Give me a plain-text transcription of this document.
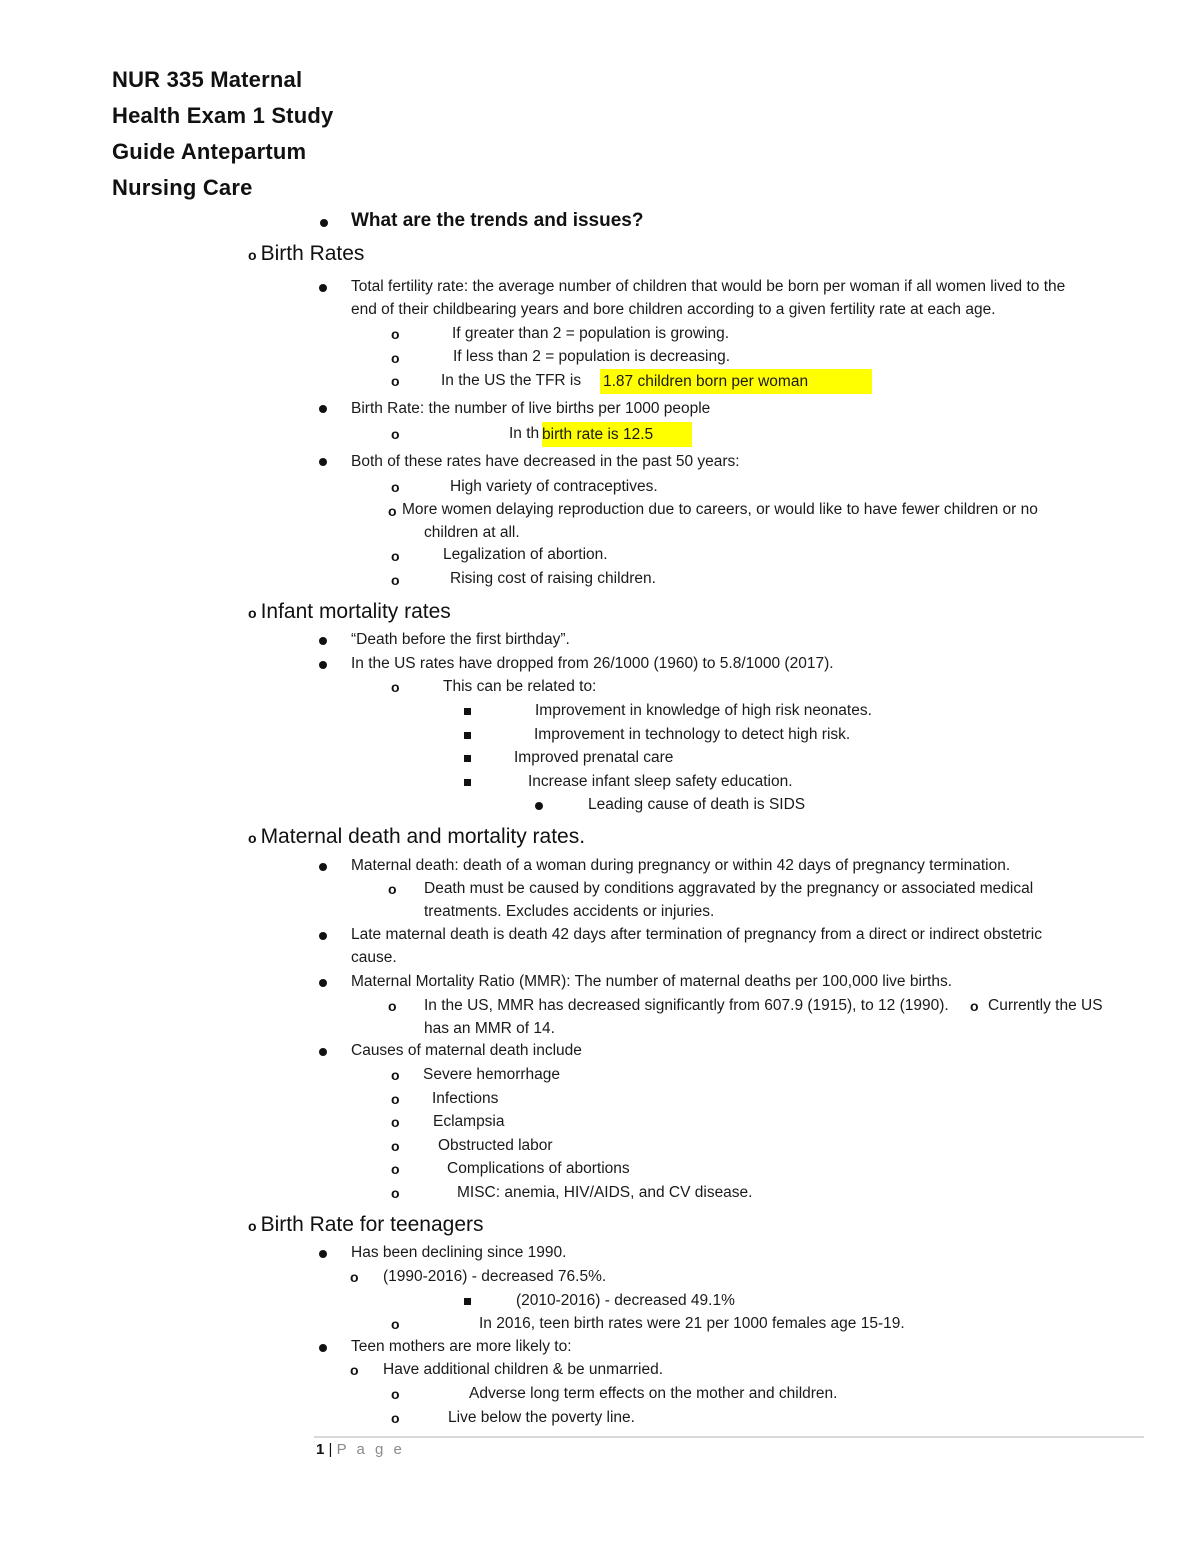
NUR 335 Maternal
Health Exam 1 Study
Guide Antepartum
Nursing Care
What are the trends and issues?
o Birth Rates
Total fertility rate: the average number of children that would be born per woman if all women lived to the
end of their childbearing years and bore children according to a given fertility rate at each age.
o	If greater than 2 = population is growing.
o	If less than 2 = population is decreasing.
o	In the US the TFR is 1.87 children born per woman
Birth Rate: the number of live births per 1000 people
o	In th birth rate is 12.5
Both of these rates have decreased in the past 50 years:
o	High variety of contraceptives.
o More women delaying reproduction due to careers, or would like to have fewer children or no
children at all.
o	Legalization of abortion.
o	Rising cost of raising children.
o Infant mortality rates
“Death before the first birthday”.
In the US rates have dropped from 26/1000 (1960) to 5.8/1000 (2017).
o	This can be related to:
Improvement in knowledge of high risk neonates.
Improvement in technology to detect high risk.
Improved prenatal care
Increase infant sleep safety education.
Leading cause of death is SIDS
o Maternal death and mortality rates.
Maternal death: death of a woman during pregnancy or within 42 days of pregnancy termination.
o Death must be caused by conditions aggravated by the pregnancy or associated medical
treatments. Excludes accidents or injuries.
Late maternal death is death 42 days after termination of pregnancy from a direct or indirect obstetric
cause.
Maternal Mortality Ratio (MMR): The number of maternal deaths per 100,000 live births.
o In the US, MMR has decreased significantly from 607.9 (1915), to 12 (1990). o Currently the US
has an MMR of 14.
Causes of maternal death include
o Severe hemorrhage
o Infections
o Eclampsia
o Obstructed labor
o	Complications of abortions
o	MISC: anemia, HIV/AIDS, and CV disease.
o Birth Rate for teenagers
Has been declining since 1990.
o (1990-2016) - decreased 76.5%.
(2010-2016) - decreased 49.1%
o	In 2016, teen birth rates were 21 per 1000 females age 15-19.
Teen mothers are more likely to:
o Have additional children & be unmarried.
o	Adverse long term effects on the mother and children.
o	Live below the poverty line.
1 | P a g e
